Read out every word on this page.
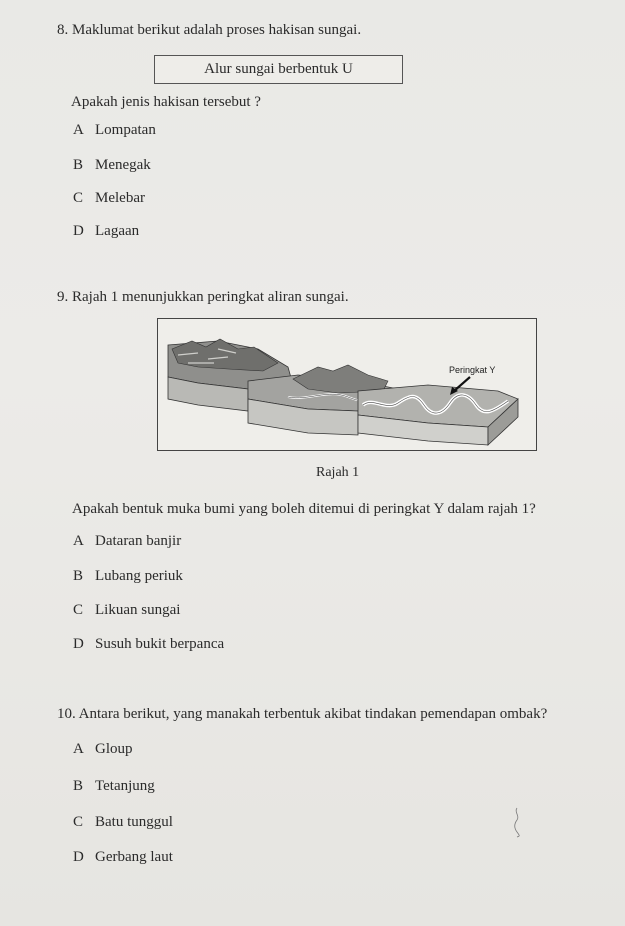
8. Maklumat berikut adalah proses hakisan sungai.
Alur sungai berbentuk U
Apakah jenis hakisan tersebut ?
A Lompatan
B Menegak
C Melebar
D Lagaan
9. Rajah 1 menunjukkan peringkat aliran sungai.
Peringkat Y
Rajah 1
Apakah bentuk muka bumi yang boleh ditemui di peringkat Y dalam rajah 1?
A Dataran banjir
B Lubang periuk
C Likuan sungai
D Susuh bukit berpanca
10. Antara berikut, yang manakah terbentuk akibat tindakan pemendapan ombak?
A Gloup
B Tetanjung
C Batu tunggul
D Gerbang laut
